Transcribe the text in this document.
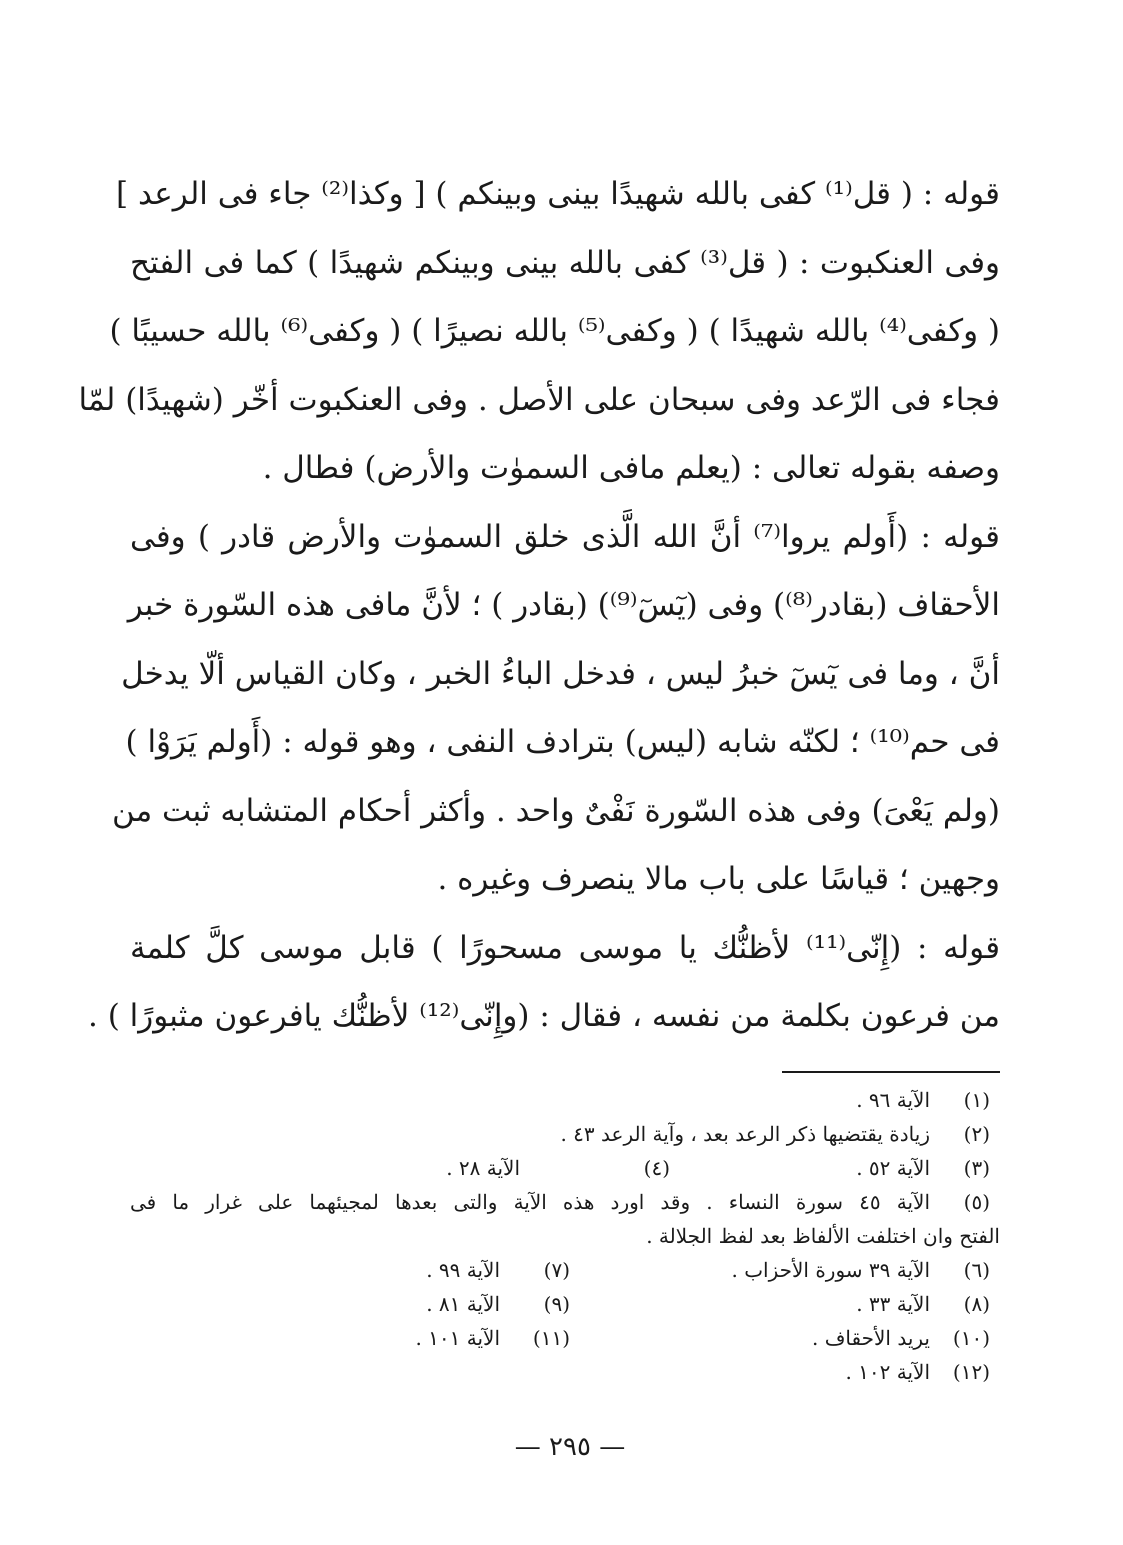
قوله : ( قل⁽¹⁾ كفى بالله شهيدًا بينى وبينكم ) [ وكذا⁽²⁾ جاء فى الرعد ]
وفى العنكبوت : ( قل⁽³⁾ كفى بالله بينى وبينكم شهيدًا ) كما فى الفتح
( وكفى⁽⁴⁾ بالله شهيدًا ) ( وكفى⁽⁵⁾ بالله نصيرًا ) ( وكفى⁽⁶⁾ بالله حسيبًا )
فجاء فى الرّعد وفى سبحان على الأصل . وفى العنكبوت أخّر (شهيدًا) لمّا
وصفه بقوله تعالى : (يعلم مافى السموٰت والأرض) فطال .
قوله : (أَولم يروا⁽⁷⁾ أنَّ الله الَّذى خلق السموٰت والأرض قادر ) وفى
الأحقاف (بقادر⁽⁸⁾) وفى (يٓسٓ⁽⁹⁾) (بقادر ) ؛ لأنَّ مافى هذه السّورة خبر
أنَّ ، وما فى يٓسٓ خبرُ ليس ، فدخل الباءُ الخبر ، وكان القياس ألّا يدخل
فى حم⁽¹⁰⁾ ؛ لكنّه شابه (ليس) بترادف النفى ، وهو قوله : (أَولم يَرَوْا )
(ولم يَعْىَ) وفى هذه السّورة نَفْىٌ واحد . وأكثر أحكام المتشابه ثبت من
وجهين ؛ قياسًا على باب مالا ينصرف وغيره .
قوله : (إِنّى⁽¹¹⁾ لأظنُّك يا موسى مسحورًا ) قابل موسى كلَّ كلمة
من فرعون بكلمة من نفسه ، فقال : (وإِنّى⁽¹²⁾ لأظنُّك يافرعون مثبورًا ) .
(١)
الآية ٩٦ .
(٢)
زيادة يقتضيها ذكر الرعد بعد ، وآية الرعد ٤٣ .
(٣)
الآية ٥٢ .
(٤)
الآية ٢٨ .
(٥)
الآية ٤٥ سورة النساء . وقد اورد هذه الآية والتى بعدها لمجيئهما على غرار ما فى
الفتح وان اختلفت الألفاظ بعد لفظ الجلالة .
(٦)
الآية ٣٩ سورة الأحزاب .
(٧)
الآية ٩٩ .
(٨)
الآية ٣٣ .
(٩)
الآية ٨١ .
(١٠)
يريد الأحقاف .
(١١)
الآية ١٠١ .
(١٢)
الآية ١٠٢ .
— ٢٩٥ —
